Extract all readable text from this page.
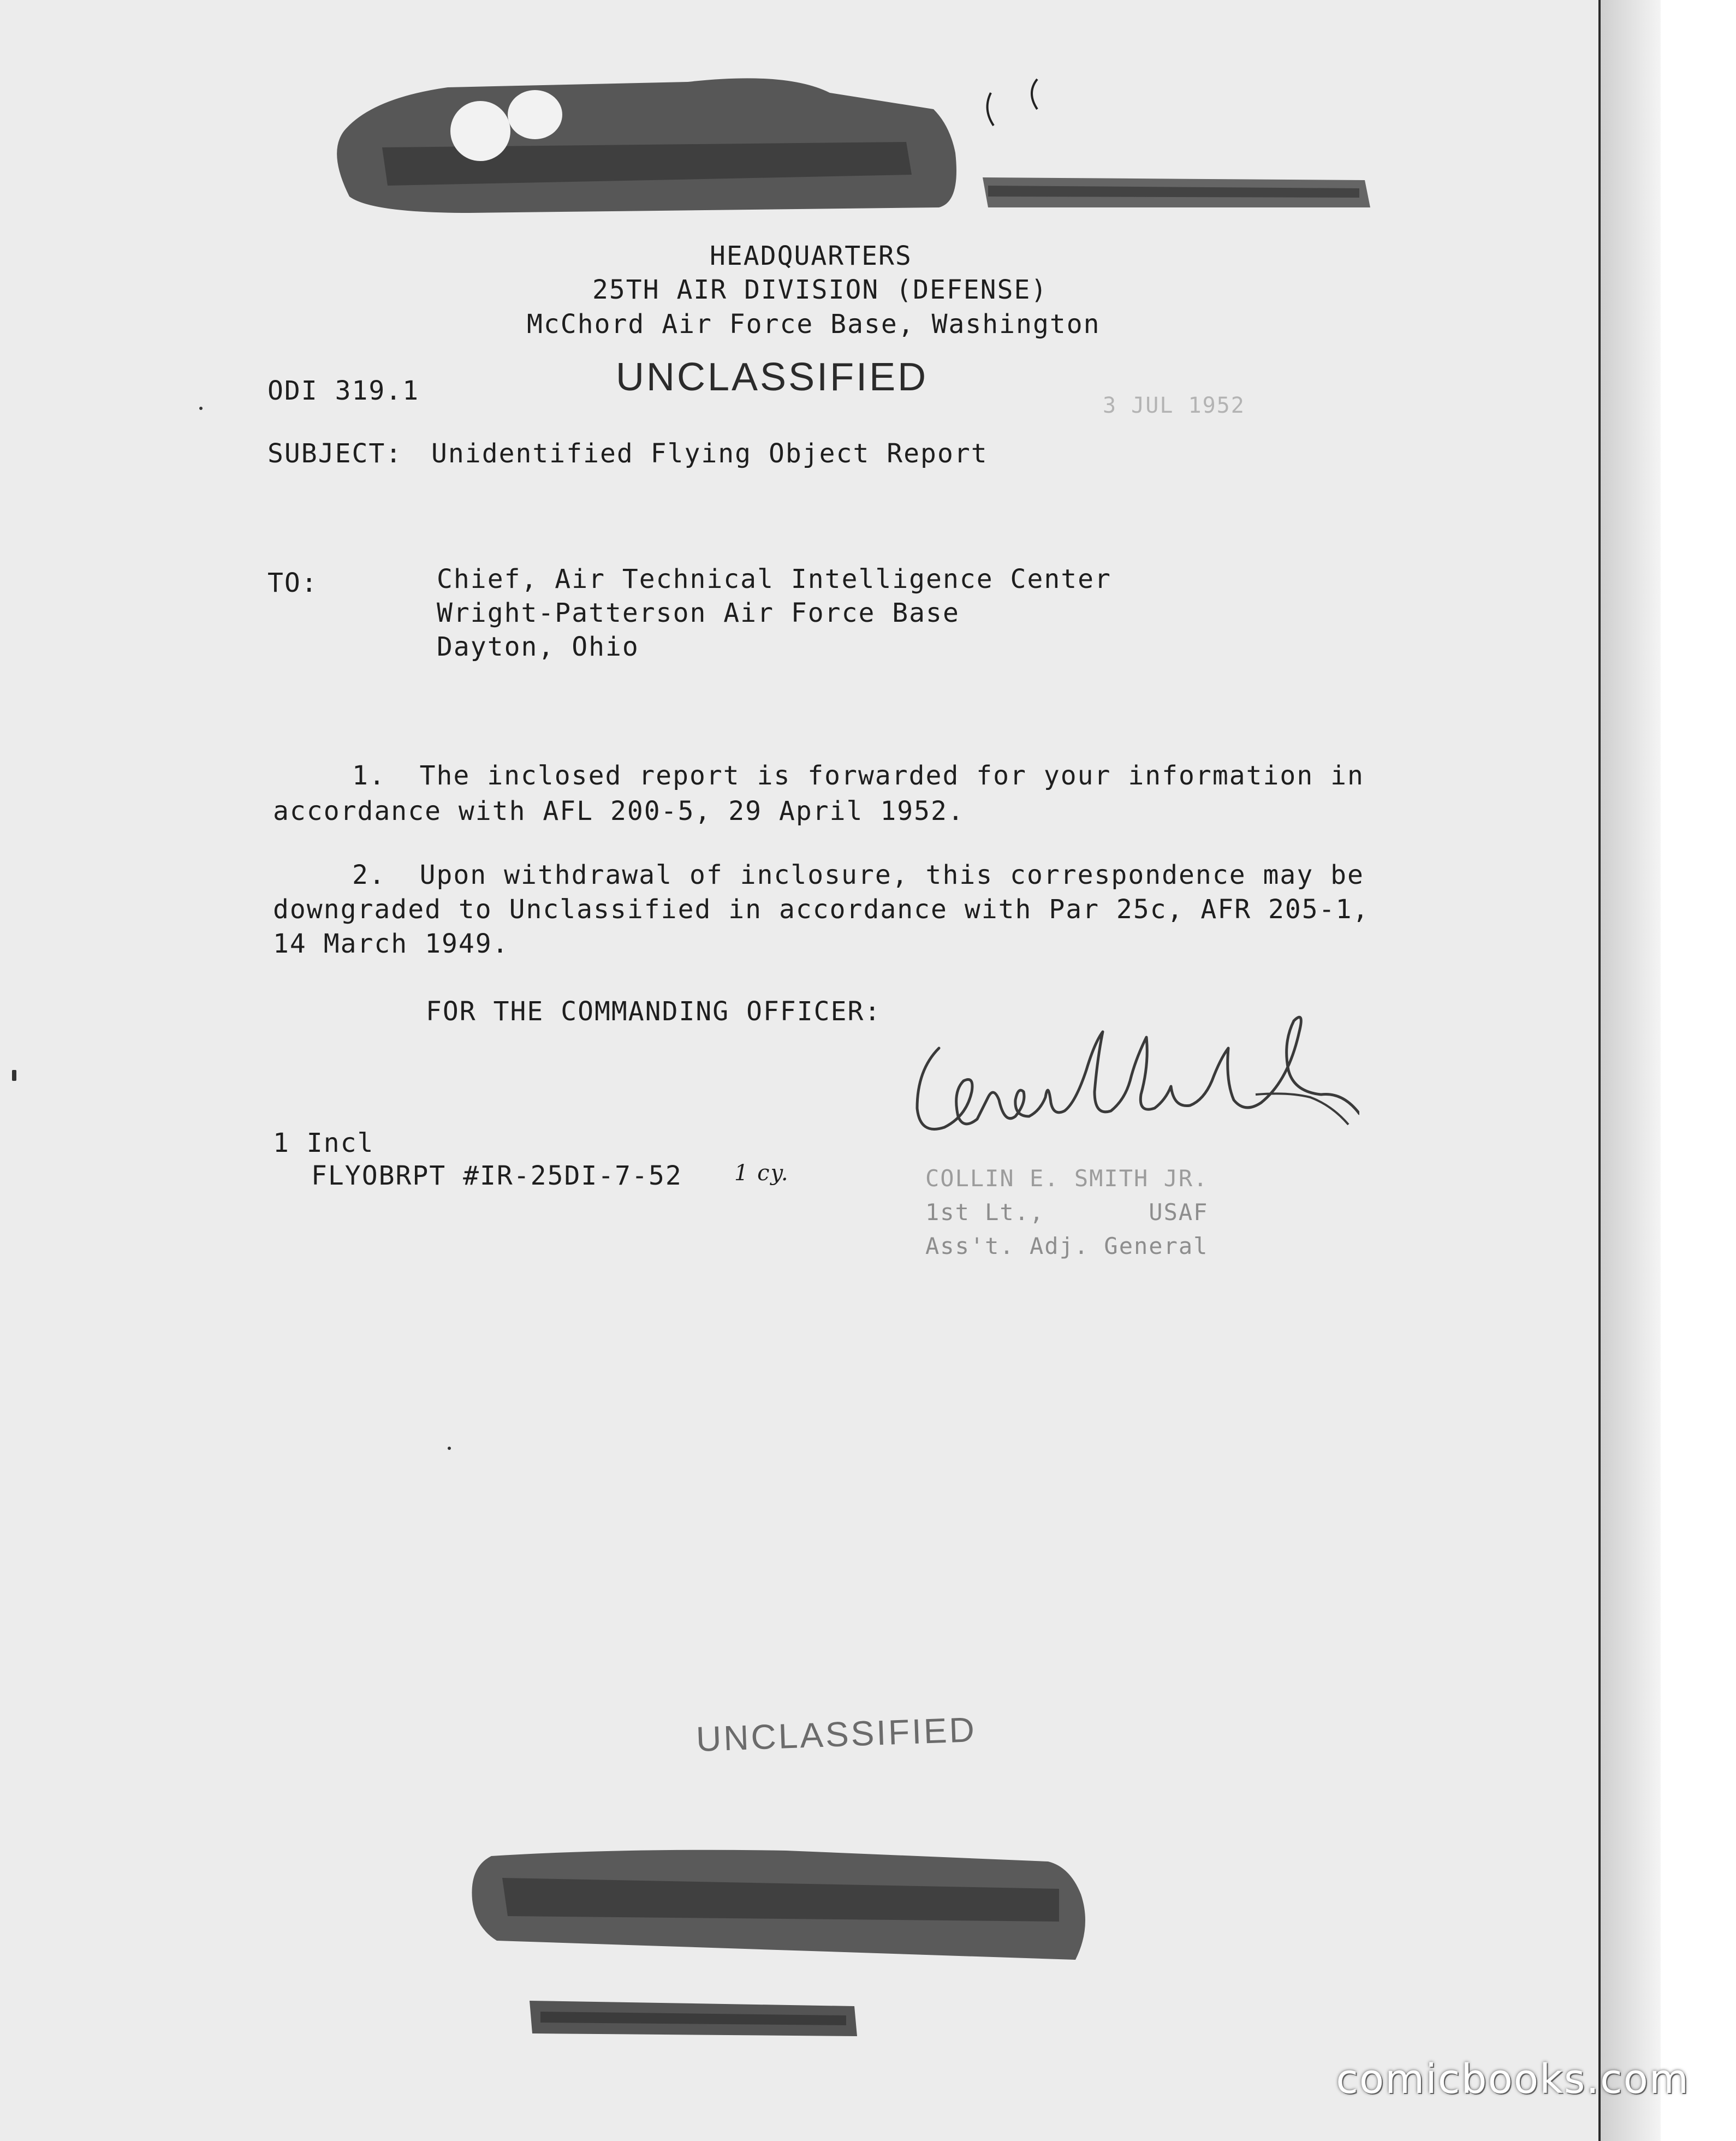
HEADQUARTERS
25TH AIR DIVISION (DEFENSE)
McChord Air Force Base, Washington
UNCLASSIFIED
ODI 319.1	3 JUL 1952
SUBJECT: Unidentified Flying Object Report
TO:	Chief, Air Technical Intelligence Center
Wright-Patterson Air Force Base
Dayton, Ohio
1.  The inclosed report is forwarded for your information in
accordance with AFL 200-5, 29 April 1952.
2.  Upon withdrawal of inclosure, this correspondence may be
downgraded to Unclassified in accordance with Par 25c, AFR 205-1,
14 March 1949.
FOR THE COMMANDING OFFICER:
1 Incl
FLYOBRPT #IR-25DI-7-52 1 cy.	COLLIN E. SMITH JR.
1st Lt.,       USAF
Ass't. Adj. General
UNCLASSIFIED
comicbooks.com
